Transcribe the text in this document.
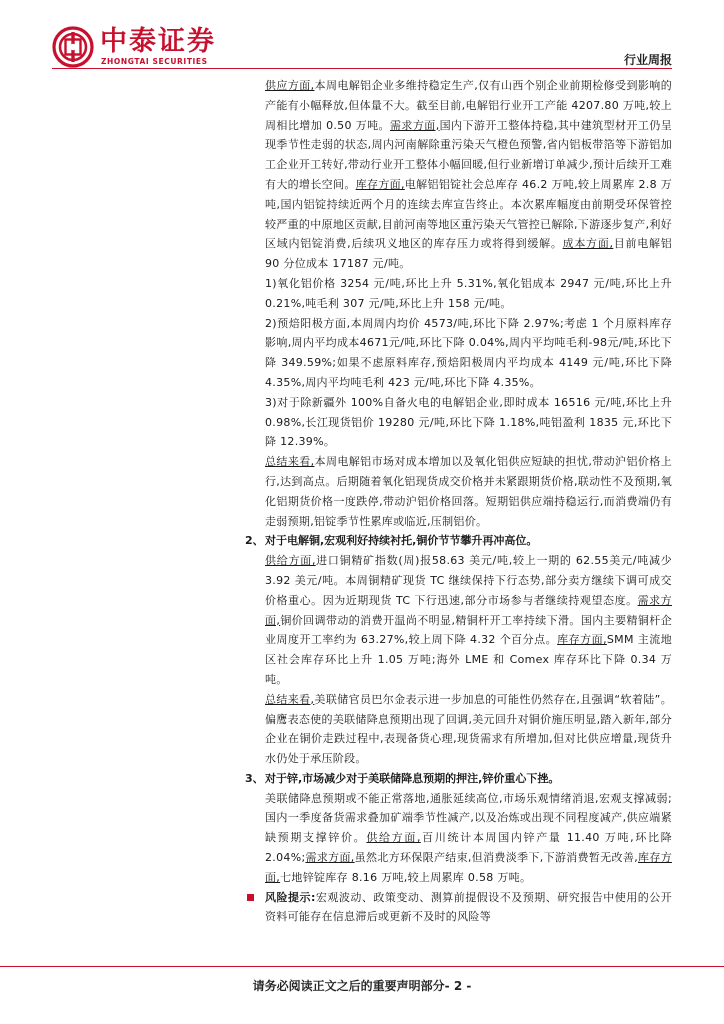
中泰证券
ZHONGTAI SECURITIES	行业周报

供应方面,本周电解铝企业多维持稳定生产,仅有山西个别企业前期检修受到影响的产能有小幅释放,但体量不大。截至目前,电解铝行业开工产能 4207.80 万吨,较上周相比增加 0.50 万吨。需求方面,国内下游开工整体持稳,其中建筑型材开工仍呈现季节性走弱的状态,周内河南解除重污染天气橙色预警,省内铝板带箔等下游铝加工企业开工转好,带动行业开工整体小幅回暖,但行业新增订单减少,预计后续开工难有大的增长空间。库存方面,电解铝铝锭社会总库存 46.2 万吨,较上周累库 2.8 万吨,国内铝锭持续近两个月的连续去库宣告终止。本次累库幅度由前期受环保管控较严重的中原地区贡献,目前河南等地区重污染天气管控已解除,下游逐步复产,利好区域内铝锭消费,后续巩义地区的库存压力或将得到缓解。成本方面,目前电解铝 90 分位成本 17187 元/吨。

1)氧化铝价格 3254 元/吨,环比上升 5.31%,氧化铝成本 2947 元/吨,环比上升 0.21%,吨毛利 307 元/吨,环比上升 158 元/吨。

2)预焙阳极方面,本周周内均价 4573/吨,环比下降 2.97%;考虑 1 个月原料库存影响,周内平均成本4671元/吨,环比下降 0.04%,周内平均吨毛利-98元/吨,环比下降 349.59%;如果不虑原料库存,预焙阳极周内平均成本 4149 元/吨,环比下降 4.35%,周内平均吨毛利 423 元/吨,环比下降 4.35%。

3)对于除新疆外 100%自备火电的电解铝企业,即时成本 16516 元/吨,环比上升 0.98%,长江现货铝价 19280 元/吨,环比下降 1.18%,吨铝盈利 1835 元,环比下降 12.39%。

总结来看,本周电解铝市场对成本增加以及氧化铝供应短缺的担忧,带动沪铝价格上行,达到高点。后期随着氧化铝现货成交价格并未紧跟期货价格,联动性不及预期,氧化铝期货价格一度跌停,带动沪铝价格回落。短期铝供应端持稳运行,而消费端仍有走弱预期,铝锭季节性累库或临近,压制铝价。

2、对于电解铜,宏观利好持续衬托,铜价节节攀升再冲高位。

供给方面,进口铜精矿指数(周)报58.63 美元/吨,较上一期的 62.55美元/吨减少 3.92 美元/吨。本周铜精矿现货 TC 继续保持下行态势,部分卖方继续下调可成交价格重心。因为近期现货 TC 下行迅速,部分市场参与者继续持观望态度。需求方面,铜价回调带动的消费开温尚不明显,精铜杆开工率持续下滑。国内主要精铜杆企业周度开工率约为 63.27%,较上周下降 4.32 个百分点。库存方面,SMM 主流地区社会库存环比上升 1.05 万吨;海外 LME 和 Comex 库存环比下降 0.34 万吨。

总结来看,美联储官员巴尔金表示进一步加息的可能性仍然存在,且强调“软着陆”。偏鹰表态使的美联储降息预期出现了回调,美元回升对铜价施压明显,踏入新年,部分企业在铜价走跌过程中,表现备货心理,现货需求有所增加,但对比供应增量,现货升水仍处于承压阶段。

3、对于锌,市场减少对于美联储降息预期的押注,锌价重心下挫。

美联储降息预期或不能正常落地,通胀延续高位,市场乐观情绪消退,宏观支撑减弱;国内一季度备货需求叠加矿端季节性减产,以及冶炼或出现不同程度减产,供应端紧缺预期支撑锌价。供给方面,百川统计本周国内锌产量 11.40 万吨,环比降 2.04%;需求方面,虽然北方环保限产结束,但消费淡季下,下游消费暂无改善,库存方面,七地锌锭库存 8.16 万吨,较上周累库 0.58 万吨。

风险提示:宏观波动、政策变动、测算前提假设不及预期、研究报告中使用的公开资料可能存在信息滞后或更新不及时的风险等

请务必阅读正文之后的重要声明部分- 2 -
